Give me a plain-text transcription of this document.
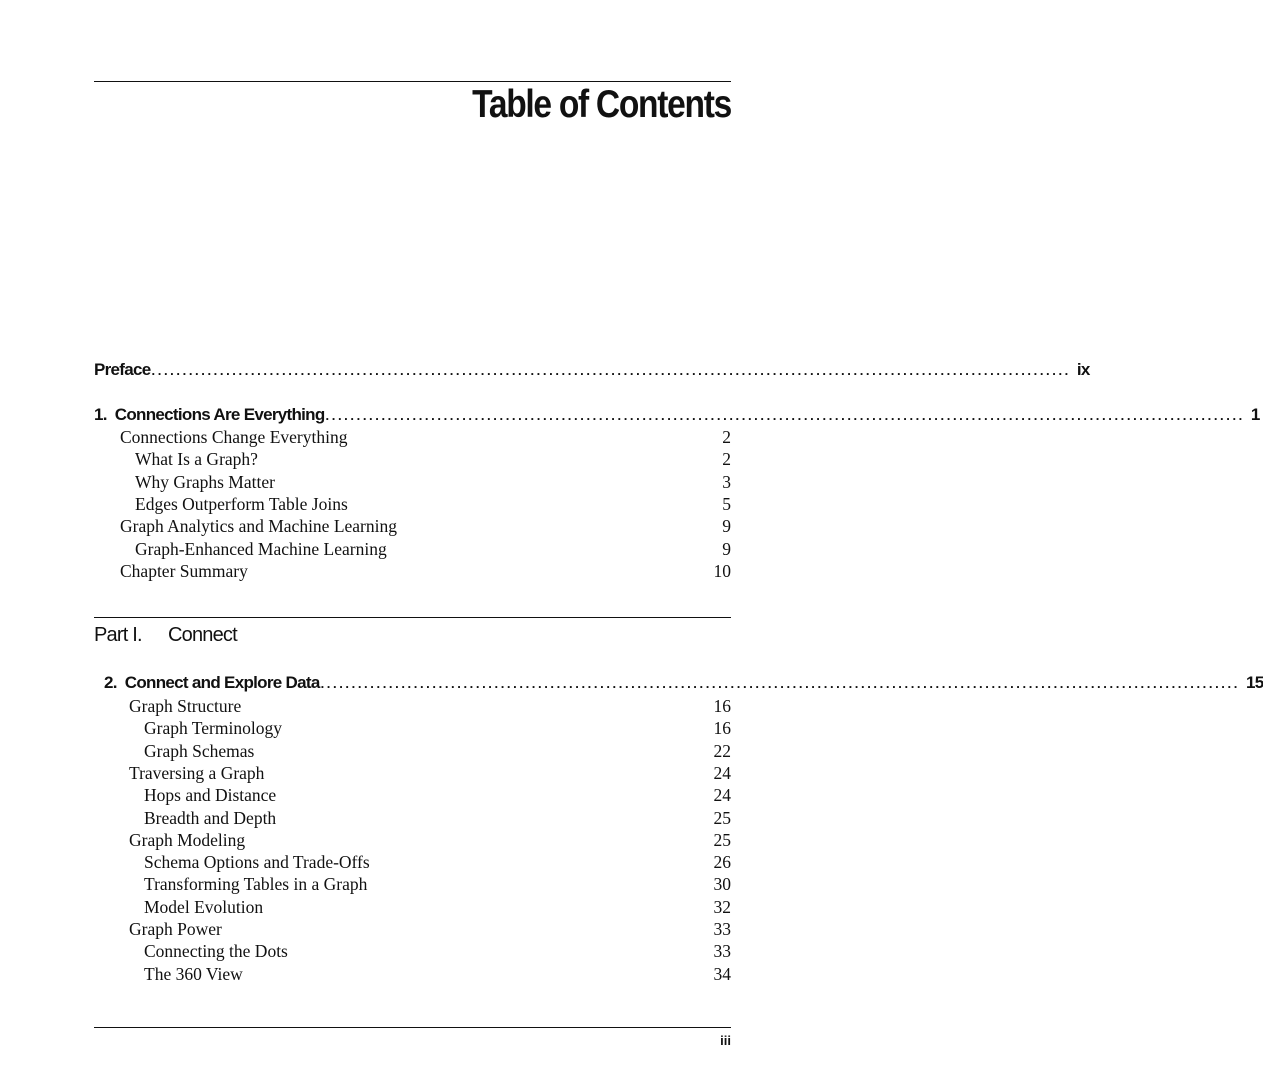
Table of Contents
Preface .................................................................................................................................................... ix
1. Connections Are Everything .................................................................................................................................................... 1
Connections Change Everything	2
What Is a Graph?	2
Why Graphs Matter	3
Edges Outperform Table Joins	5
Graph Analytics and Machine Learning	9
Graph-Enhanced Machine Learning	9
Chapter Summary	10
Part I. Connect
2. Connect and Explore Data .................................................................................................................................................... 15
Graph Structure	16
Graph Terminology	16
Graph Schemas	22
Traversing a Graph	24
Hops and Distance	24
Breadth and Depth	25
Graph Modeling	25
Schema Options and Trade-Offs	26
Transforming Tables in a Graph	30
Model Evolution	32
Graph Power	33
Connecting the Dots	33
The 360 View	34
iii
